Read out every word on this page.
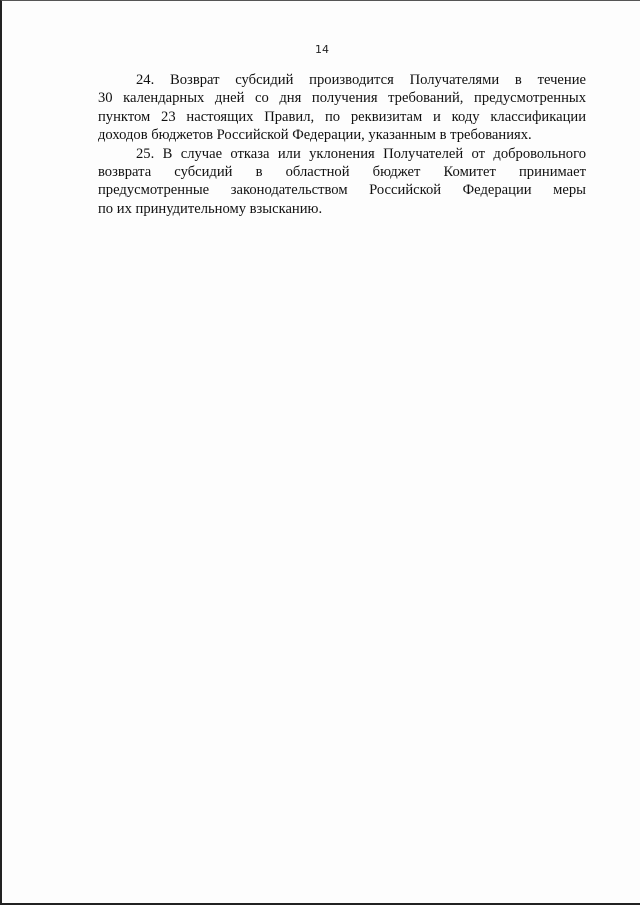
14

24. Возврат субсидий производится Получателями в течение
30 календарных дней со дня получения требований, предусмотренных
пунктом 23 настоящих Правил, по реквизитам и коду классификации
доходов бюджетов Российской Федерации, указанным в требованиях.

25. В случае отказа или уклонения Получателей от добровольного
возврата субсидий в областной бюджет Комитет принимает
предусмотренные законодательством Российской Федерации меры
по их принудительному взысканию.
